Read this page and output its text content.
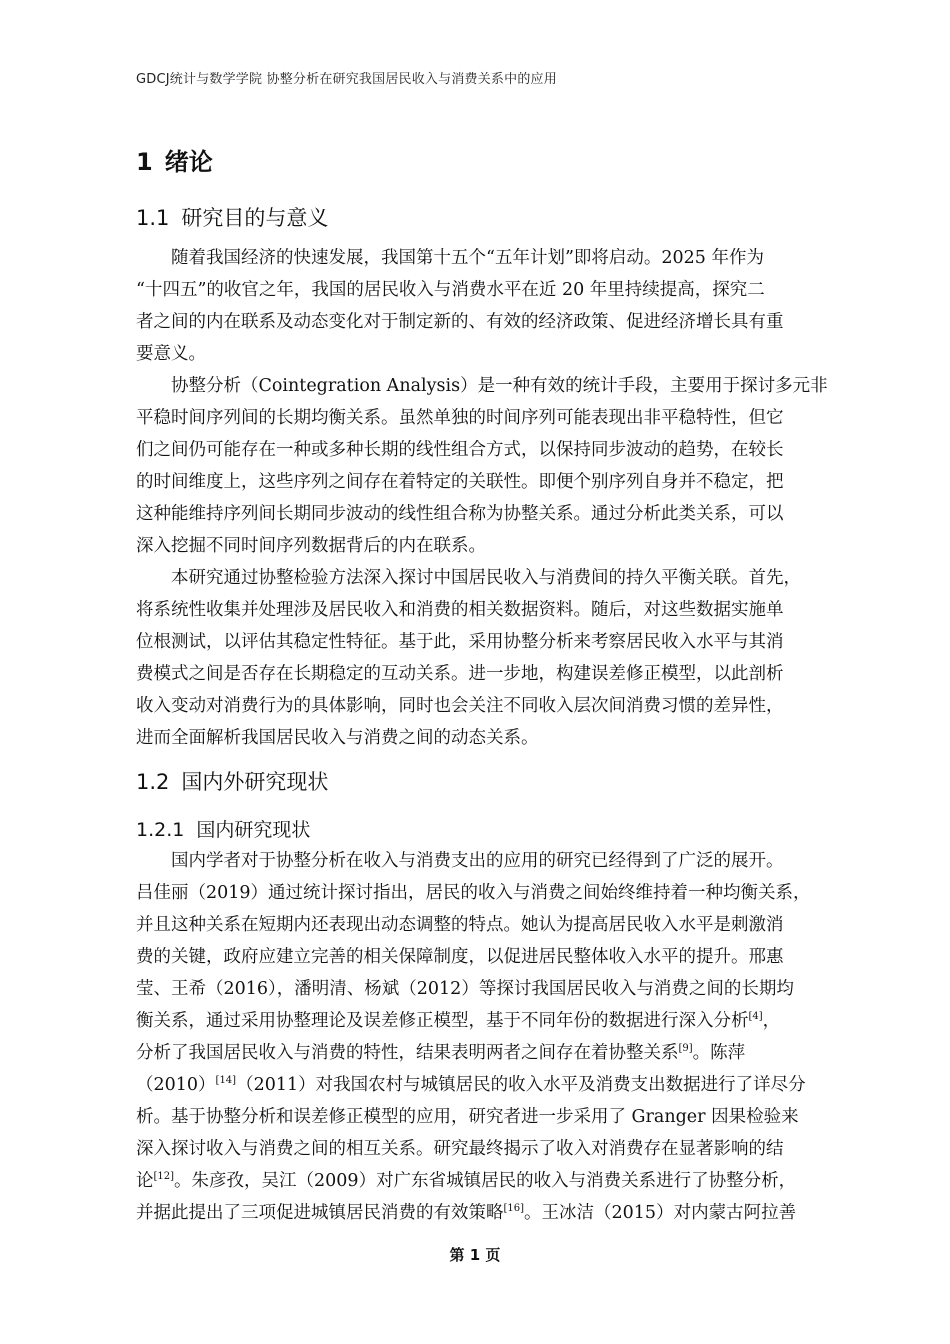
GDCJ统计与数学学院 协整分析在研究我国居民收入与消费关系中的应用
1 绪论
1.1 研究目的与意义
随着我国经济的快速发展，我国第十五个“五年计划”即将启动。2025 年作为
“十四五”的收官之年，我国的居民收入与消费水平在近 20 年里持续提高，探究二
者之间的内在联系及动态变化对于制定新的、有效的经济政策、促进经济增长具有重
要意义。
协整分析（Cointegration Analysis）是一种有效的统计手段，主要用于探讨多元非
平稳时间序列间的长期均衡关系。虽然单独的时间序列可能表现出非平稳特性，但它
们之间仍可能存在一种或多种长期的线性组合方式，以保持同步波动的趋势，在较长
的时间维度上，这些序列之间存在着特定的关联性。即便个别序列自身并不稳定，把
这种能维持序列间长期同步波动的线性组合称为协整关系。通过分析此类关系，可以
深入挖掘不同时间序列数据背后的内在联系。
本研究通过协整检验方法深入探讨中国居民收入与消费间的持久平衡关联。首先，
将系统性收集并处理涉及居民收入和消费的相关数据资料。随后，对这些数据实施单
位根测试，以评估其稳定性特征。基于此，采用协整分析来考察居民收入水平与其消
费模式之间是否存在长期稳定的互动关系。进一步地，构建误差修正模型，以此剖析
收入变动对消费行为的具体影响，同时也会关注不同收入层次间消费习惯的差异性，
进而全面解析我国居民收入与消费之间的动态关系。
1.2 国内外研究现状
1.2.1 国内研究现状
国内学者对于协整分析在收入与消费支出的应用的研究已经得到了广泛的展开。
吕佳丽（2019）通过统计探讨指出，居民的收入与消费之间始终维持着一种均衡关系，
并且这种关系在短期内还表现出动态调整的特点。她认为提高居民收入水平是刺激消
费的关键，政府应建立完善的相关保障制度，以促进居民整体收入水平的提升。邢惠
莹、王希（2016），潘明清、杨斌（2012）等探讨我国居民收入与消费之间的长期均
衡关系，通过采用协整理论及误差修正模型，基于不同年份的数据进行深入分析[4]，
分析了我国居民收入与消费的特性，结果表明两者之间存在着协整关系[9]。陈萍
（2010）[14]（2011）对我国农村与城镇居民的收入水平及消费支出数据进行了详尽分
析。基于协整分析和误差修正模型的应用，研究者进一步采用了 Granger 因果检验来
深入探讨收入与消费之间的相互关系。研究最终揭示了收入对消费存在显著影响的结
论[12]。朱彦孜，吴江（2009）对广东省城镇居民的收入与消费关系进行了协整分析，
并据此提出了三项促进城镇居民消费的有效策略[16]。王冰洁（2015）对内蒙古阿拉善
第 1 页
